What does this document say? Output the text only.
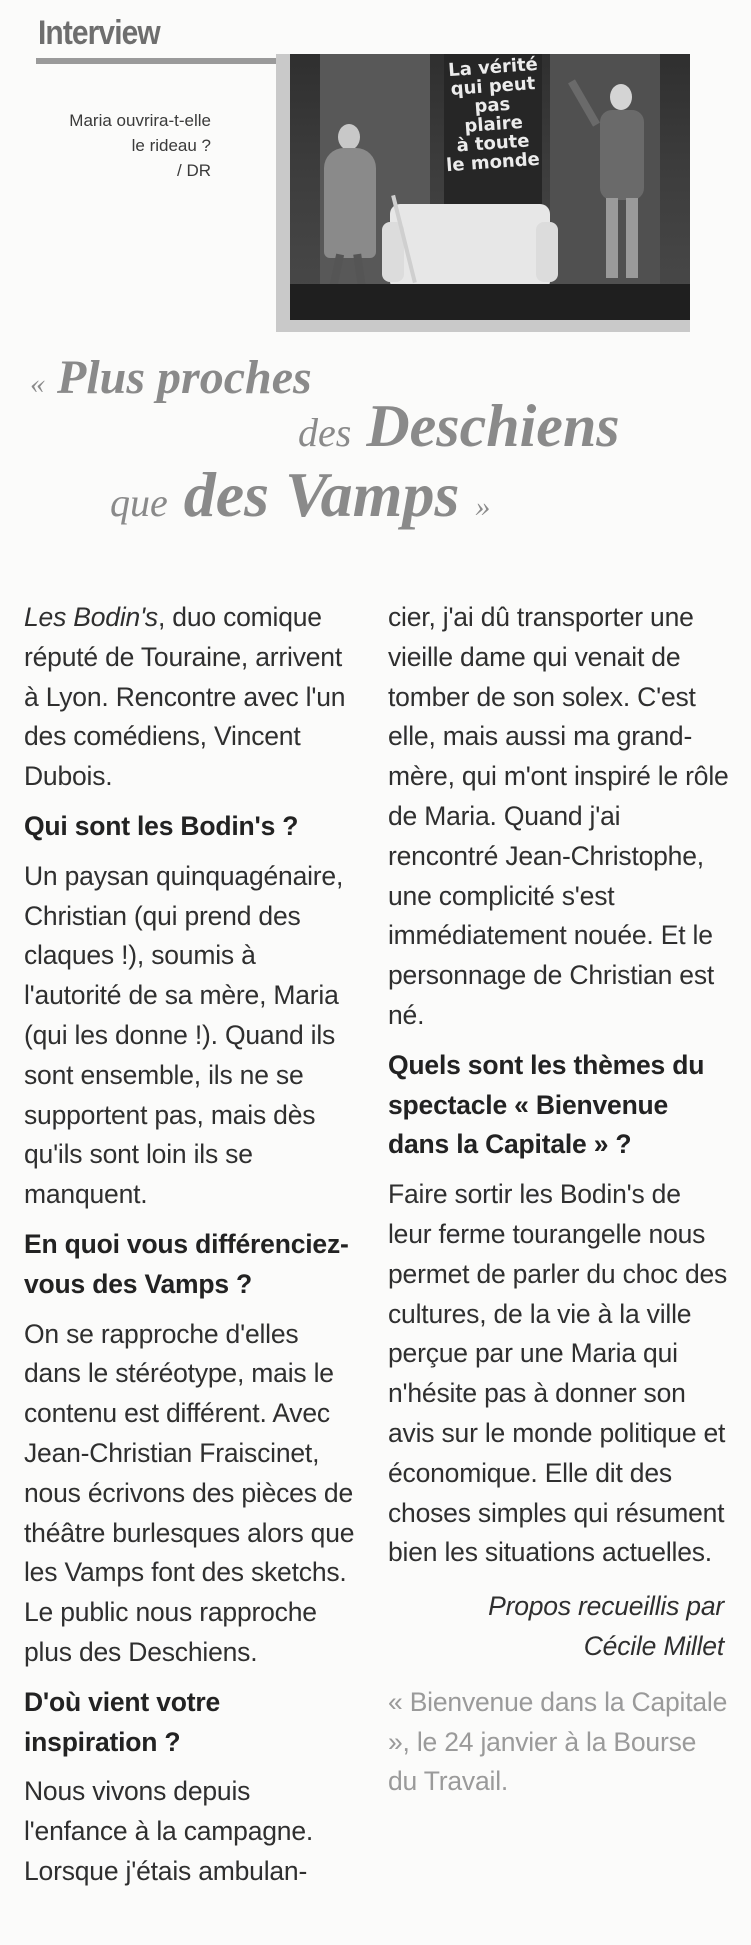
Interview
Maria ouvrira-t-elle
le rideau ?
/ DR
La vérité
qui peut
pas plaire
à toute
le monde
« Plus proches
des Deschiens
que des Vamps »

Les Bodin's, duo comique réputé de Touraine, arrivent à Lyon. Rencontre avec l'un des comédiens, Vincent Dubois.

Qui sont les Bodin's ?

Un paysan quinquagénaire, Christian (qui prend des claques !), soumis à l'autorité de sa mère, Maria (qui les donne !). Quand ils sont ensemble, ils ne se supportent pas, mais dès qu'ils sont loin ils se manquent.

En quoi vous différenciez-vous des Vamps ?

On se rapproche d'elles dans le stéréotype, mais le contenu est différent. Avec Jean-Christian Fraiscinet, nous écrivons des pièces de théâtre burlesques alors que les Vamps font des sketchs. Le public nous rapproche plus des Deschiens.

D'où vient votre inspiration ?

Nous vivons depuis l'enfance à la campagne. Lorsque j'étais ambulan-

cier, j'ai dû transporter une vieille dame qui venait de tomber de son solex. C'est elle, mais aussi ma grand-mère, qui m'ont inspiré le rôle de Maria. Quand j'ai rencontré Jean-Christophe, une complicité s'est immédiatement nouée. Et le personnage de Christian est né.

Quels sont les thèmes du spectacle « Bienvenue dans la Capitale » ?

Faire sortir les Bodin's de leur ferme tourangelle nous permet de parler du choc des cultures, de la vie à la ville perçue par une Maria qui n'hésite pas à donner son avis sur le monde politique et économique. Elle dit des choses simples qui résument bien les situations actuelles.

Propos recueillis par
Cécile Millet

« Bienvenue dans la Capitale », le 24 janvier à la Bourse du Travail.
